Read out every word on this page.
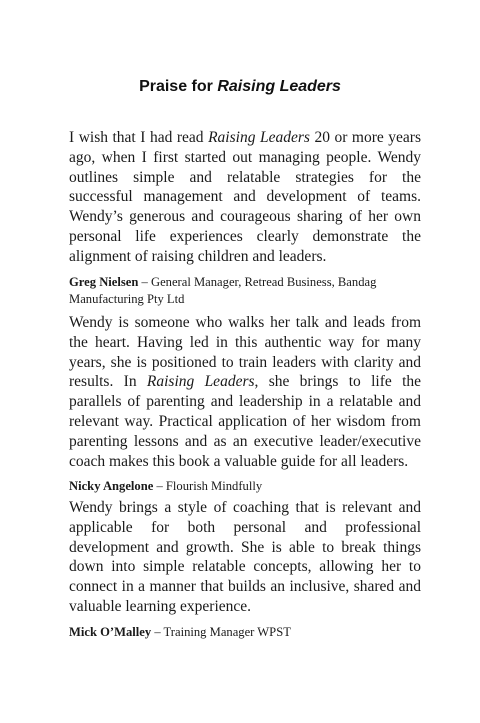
Praise for Raising Leaders

I wish that I had read Raising Leaders 20 or more years ago, when I first started out managing people. Wendy outlines simple and relatable strategies for the successful management and development of teams. Wendy’s generous and courageous sharing of her own personal life experiences clearly demonstrate the alignment of raising children and leaders.

Greg Nielsen – General Manager, Retread Business, Bandag Manufacturing Pty Ltd

Wendy is someone who walks her talk and leads from the heart. Having led in this authentic way for many years, she is positioned to train leaders with clarity and results. In Raising Leaders, she brings to life the parallels of parenting and leadership in a relatable and relevant way. Practical application of her wisdom from parenting lessons and as an executive leader/executive coach makes this book a valuable guide for all leaders.

Nicky Angelone – Flourish Mindfully

Wendy brings a style of coaching that is relevant and applicable for both personal and professional development and growth. She is able to break things down into simple relatable concepts, allowing her to connect in a manner that builds an inclusive, shared and valuable learning experience.

Mick O’Malley – Training Manager WPST
